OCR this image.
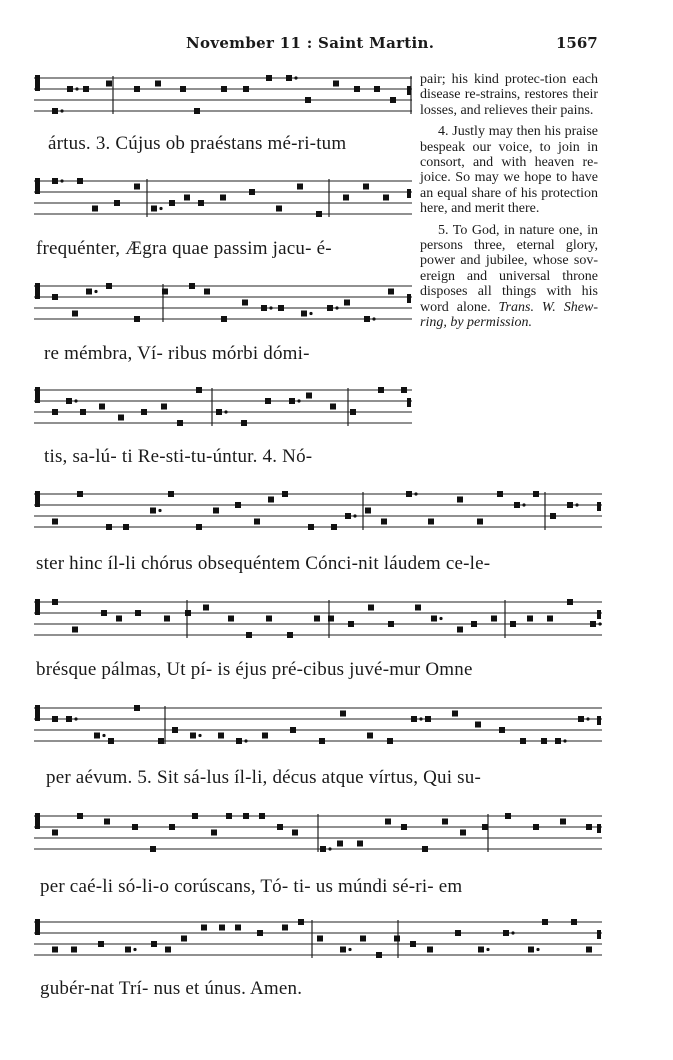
November 11 : Saint Martin.	1567
ártus. 3. Cújus ob praéstans mé-ri-tum
frequénter, Ægra quae passim jacu- é-
re mémbra, Ví- ribus mórbi dómi-
tis, sa-lú- ti Re-sti-tu-úntur. 4. Nó-
ster hinc íl-li chórus obsequéntem Cónci-nit láudem ce-le-
brésque pálmas, Ut pí- is éjus pré-cibus juvé-mur Omne
per aévum. 5. Sit sá-lus íl-li, décus atque vírtus, Qui su-
per caé-li só-li-o corúscans, Tó- ti- us múndi sé-ri- em
gubér-nat Trí- nus et únus. Amen.

pair; his kind protec-tion each disease re-strains, restores their losses, and relieves their pains.

4. Justly may then his praise bespeak our voice, to join in consort, and with heaven re-joice. So may we hope to have an equal share of his protection here, and merit there.

5. To God, in nature one, in persons three, eternal glory, power and jubilee, whose sov-ereign and universal throne disposes all things with his word alone. Trans. W. Shew-ring, by permission.
